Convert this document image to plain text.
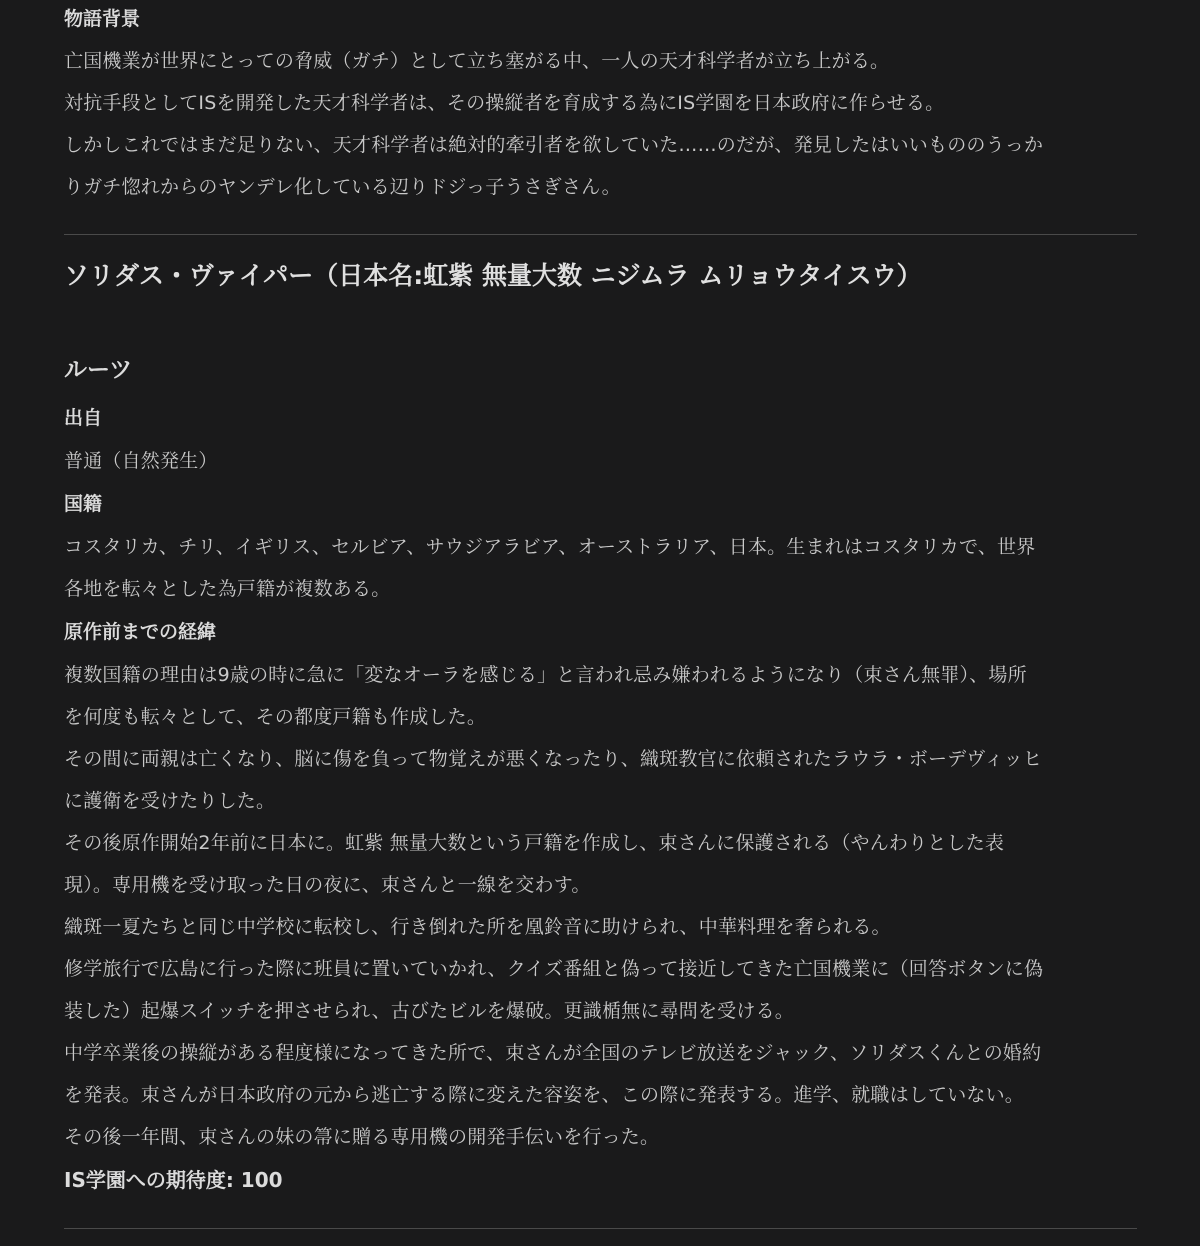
物語背景

亡国機業が世界にとっての脅威（ガチ）として立ち塞がる中、一人の天才科学者が立ち上がる。

対抗手段としてISを開発した天才科学者は、その操縦者を育成する為にIS学園を日本政府に作らせる。

しかしこれではまだ足りない、天才科学者は絶対的牽引者を欲していた……のだが、発見したはいいもののうっか

りガチ惚れからのヤンデレ化している辺りドジっ子うさぎさん。

ソリダス・ヴァイパー（日本名:虹紫 無量大数 ニジムラ ムリョウタイスウ）
ルーツ
出自

普通（自然発生）

国籍

コスタリカ、チリ、イギリス、セルビア、サウジアラビア、オーストラリア、日本。生まれはコスタリカで、世界

各地を転々とした為戸籍が複数ある。

原作前までの経緯

複数国籍の理由は9歳の時に急に「変なオーラを感じる」と言われ忌み嫌われるようになり（束さん無罪）、場所

を何度も転々として、その都度戸籍も作成した。

その間に両親は亡くなり、脳に傷を負って物覚えが悪くなったり、織斑教官に依頼されたラウラ・ボーデヴィッヒ

に護衛を受けたりした。

その後原作開始2年前に日本に。虹紫 無量大数という戸籍を作成し、束さんに保護される（やんわりとした表

現）。専用機を受け取った日の夜に、束さんと一線を交わす。

織斑一夏たちと同じ中学校に転校し、行き倒れた所を凰鈴音に助けられ、中華料理を奢られる。

修学旅行で広島に行った際に班員に置いていかれ、クイズ番組と偽って接近してきた亡国機業に（回答ボタンに偽

装した）起爆スイッチを押させられ、古びたビルを爆破。更識楯無に尋問を受ける。

中学卒業後の操縦がある程度様になってきた所で、束さんが全国のテレビ放送をジャック、ソリダスくんとの婚約

を発表。束さんが日本政府の元から逃亡する際に変えた容姿を、この際に発表する。進学、就職はしていない。

その後一年間、束さんの妹の箒に贈る専用機の開発手伝いを行った。

IS学園への期待度: 100
